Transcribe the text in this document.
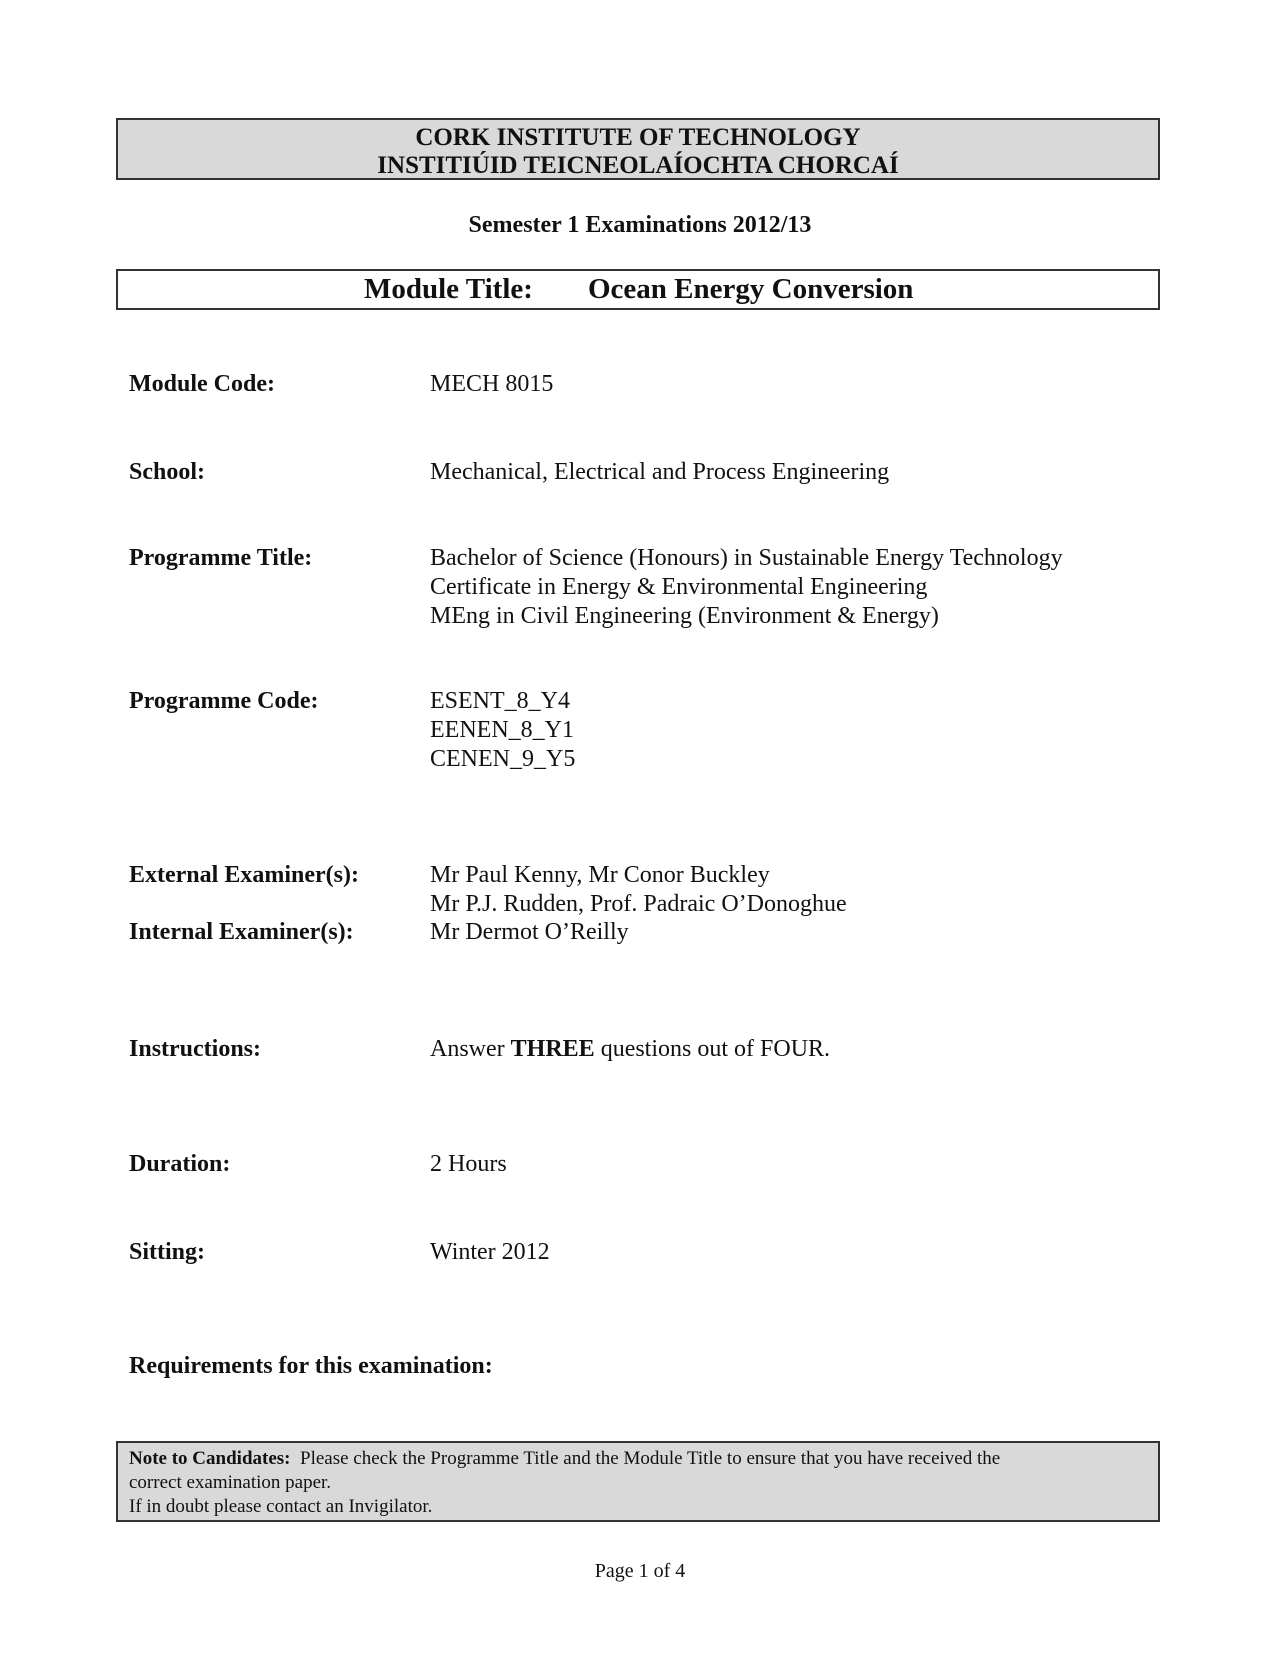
CORK INSTITUTE OF TECHNOLOGY
INSTITIÚID TEICNEOLAÍOCHTA CHORCAÍ
Semester 1 Examinations 2012/13
Module Title: Ocean Energy Conversion
Module Code:	MECH 8015
School:	Mechanical, Electrical and Process Engineering
Programme Title:	Bachelor of Science (Honours) in Sustainable Energy Technology
Certificate in Energy & Environmental Engineering
MEng in Civil Engineering (Environment & Energy)
Programme Code:	ESENT_8_Y4
EENEN_8_Y1
CENEN_9_Y5
External Examiner(s):	Mr Paul Kenny, Mr Conor Buckley
Mr P.J. Rudden, Prof. Padraic O’Donoghue
Internal Examiner(s):	Mr Dermot O’Reilly
Instructions:	Answer THREE questions out of FOUR.
Duration:	2 Hours
Sitting:	Winter 2012
Requirements for this examination:
Note to Candidates: Please check the Programme Title and the Module Title to ensure that you have received the
correct examination paper.
If in doubt please contact an Invigilator.
Page 1 of 4
